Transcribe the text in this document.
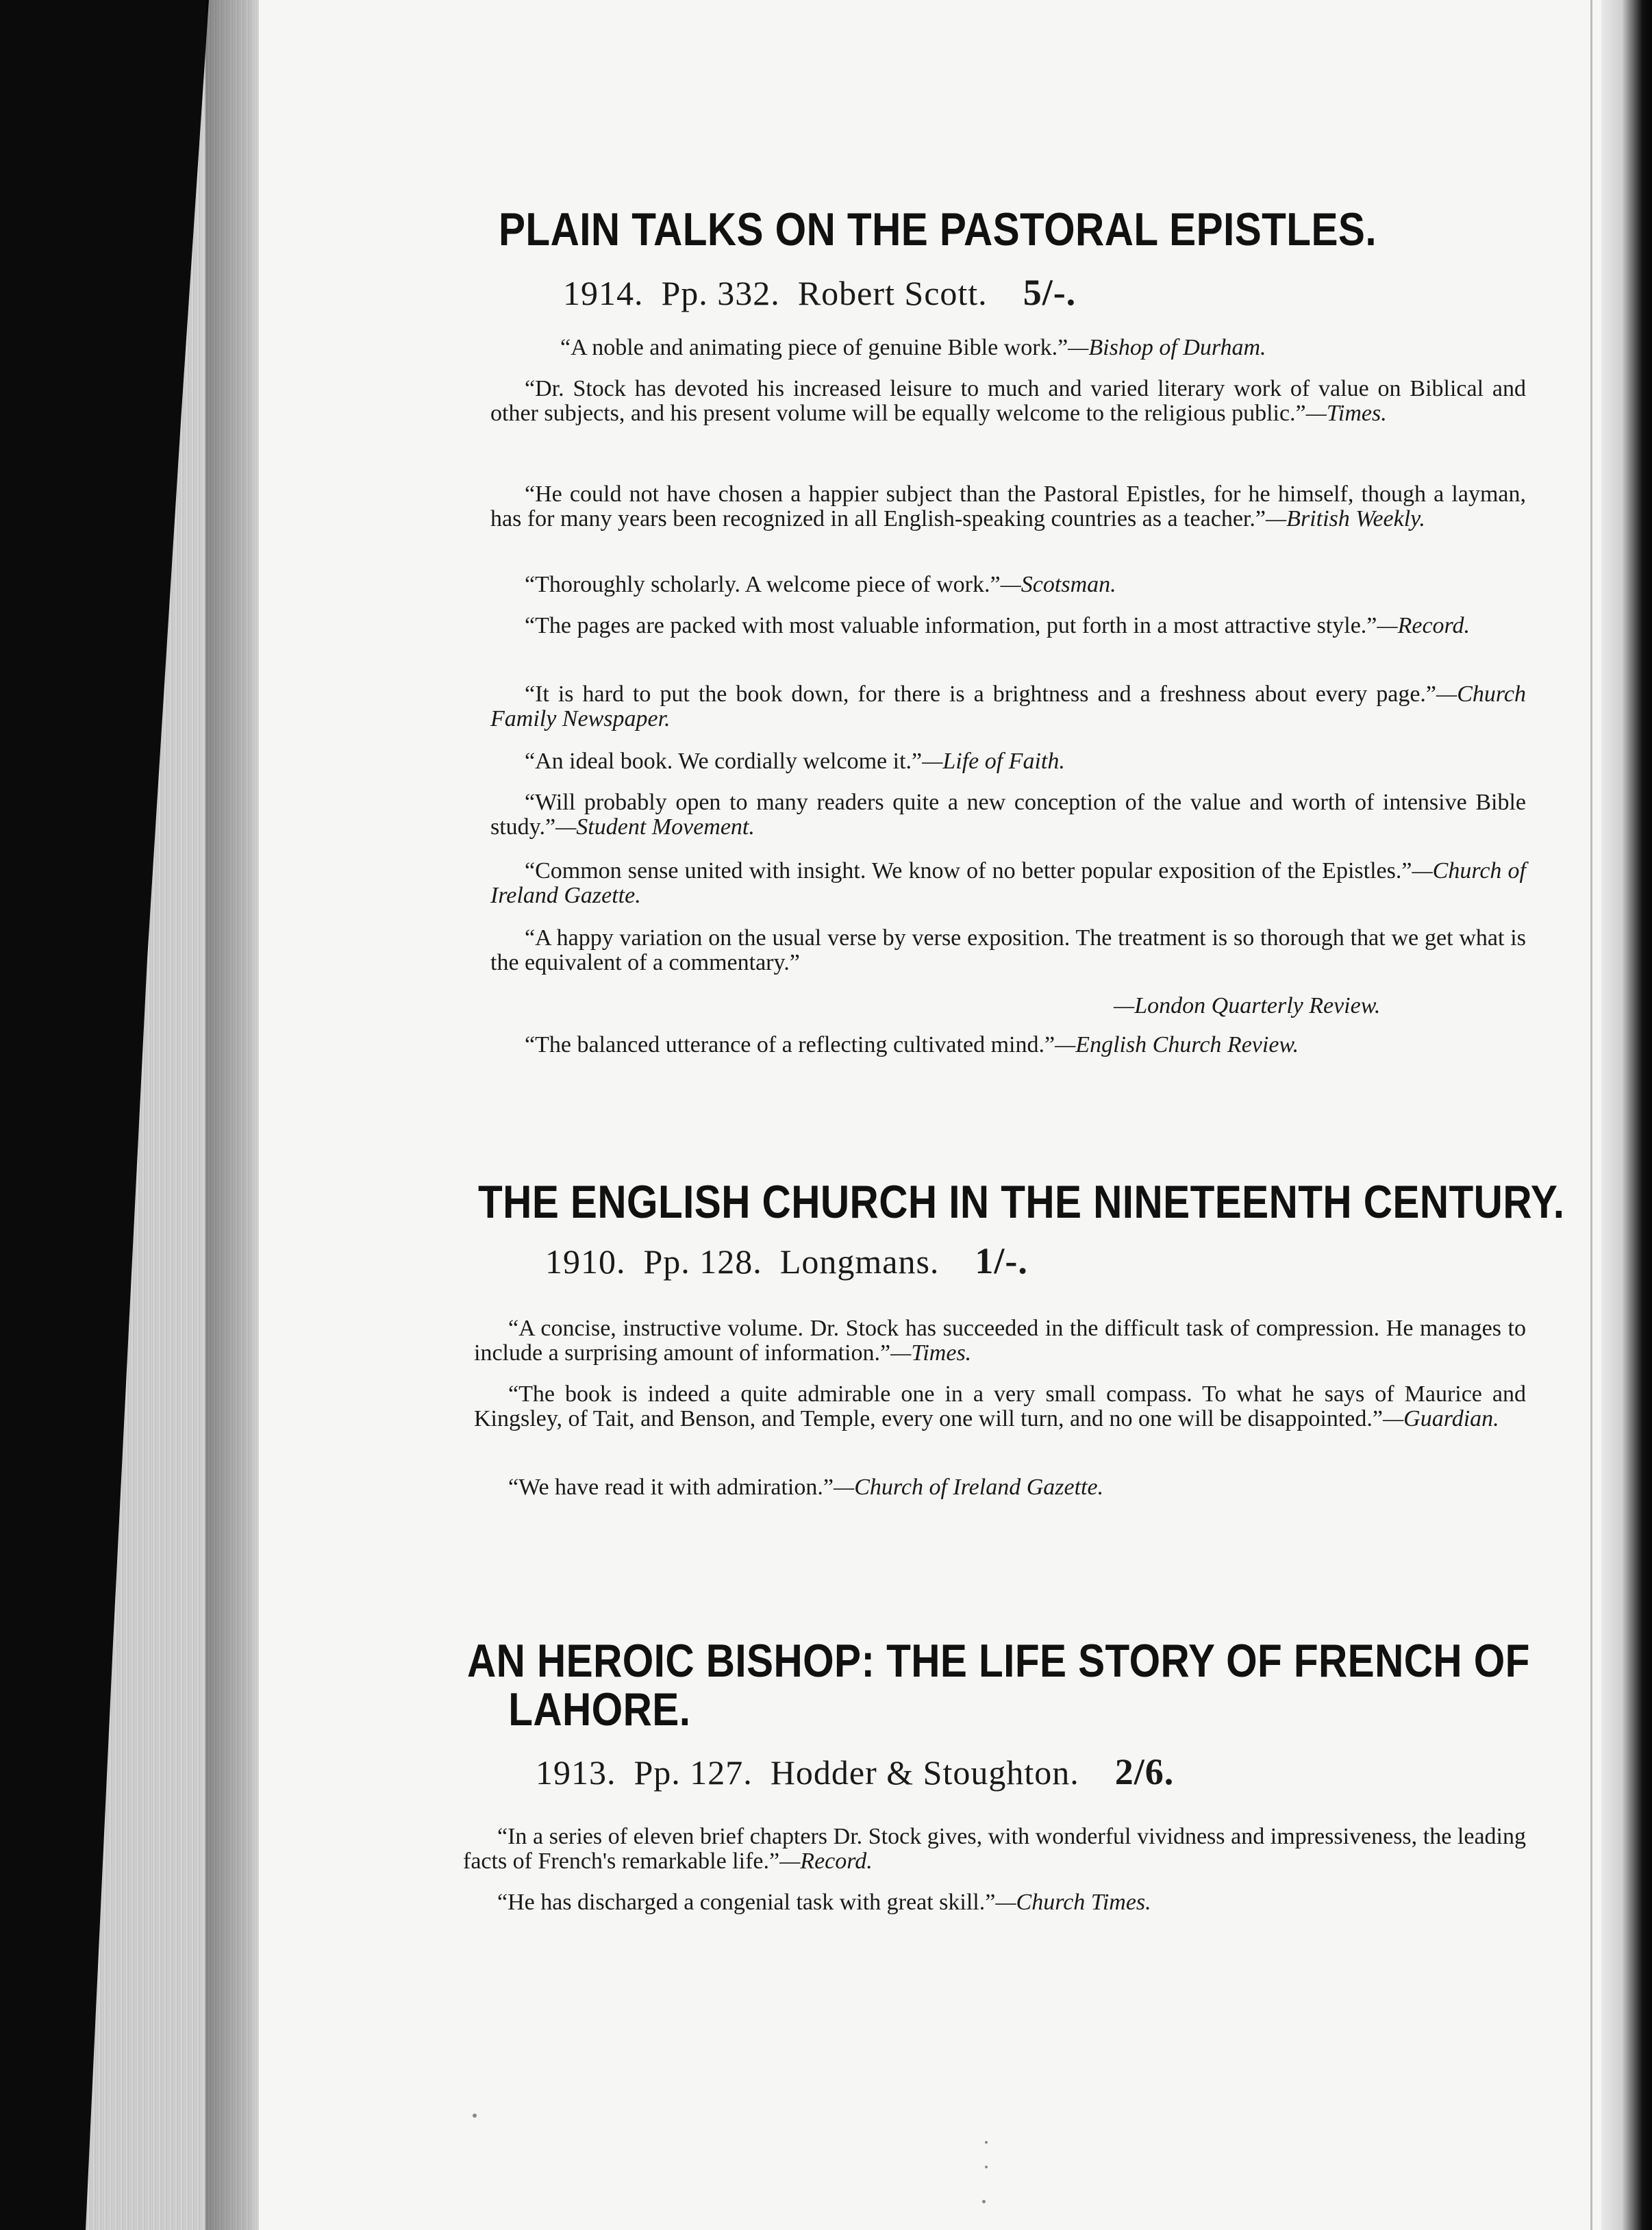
PLAIN TALKS ON THE PASTORAL EPISTLES.
1914. Pp. 332. Robert Scott. 5/-.

“A noble and animating piece of genuine Bible work.”—Bishop of Durham.

“Dr. Stock has devoted his increased leisure to much and varied literary work of value on Biblical and other subjects, and his present volume will be equally welcome to the religious public.”—Times.

“He could not have chosen a happier subject than the Pastoral Epistles, for he himself, though a layman, has for many years been recognized in all English-speaking countries as a teacher.”—British Weekly.

“Thoroughly scholarly. A welcome piece of work.”—Scotsman.

“The pages are packed with most valuable information, put forth in a most attractive style.”—Record.

“It is hard to put the book down, for there is a brightness and a freshness about every page.”—Church Family Newspaper.

“An ideal book. We cordially welcome it.”—Life of Faith.

“Will probably open to many readers quite a new conception of the value and worth of intensive Bible study.”—Student Movement.

“Common sense united with insight. We know of no better popular exposition of the Epistles.”—Church of Ireland Gazette.

“A happy variation on the usual verse by verse exposition. The treatment is so thorough that we get what is the equivalent of a commentary.”

—London Quarterly Review.

“The balanced utterance of a reflecting cultivated mind.”—English Church Review.

THE ENGLISH CHURCH IN THE NINETEENTH CENTURY.
1910. Pp. 128. Longmans. 1/-.

“A concise, instructive volume. Dr. Stock has succeeded in the difficult task of compression. He manages to include a surprising amount of information.”—Times.

“The book is indeed a quite admirable one in a very small compass. To what he says of Maurice and Kingsley, of Tait, and Benson, and Temple, every one will turn, and no one will be disappointed.”—Guardian.

“We have read it with admiration.”—Church of Ireland Gazette.

AN HEROIC BISHOP: THE LIFE STORY OF FRENCH OF
LAHORE.
1913. Pp. 127. Hodder & Stoughton. 2/6.

“In a series of eleven brief chapters Dr. Stock gives, with wonderful vividness and impressiveness, the leading facts of French's remarkable life.”—Record.

“He has discharged a congenial task with great skill.”—Church Times.
